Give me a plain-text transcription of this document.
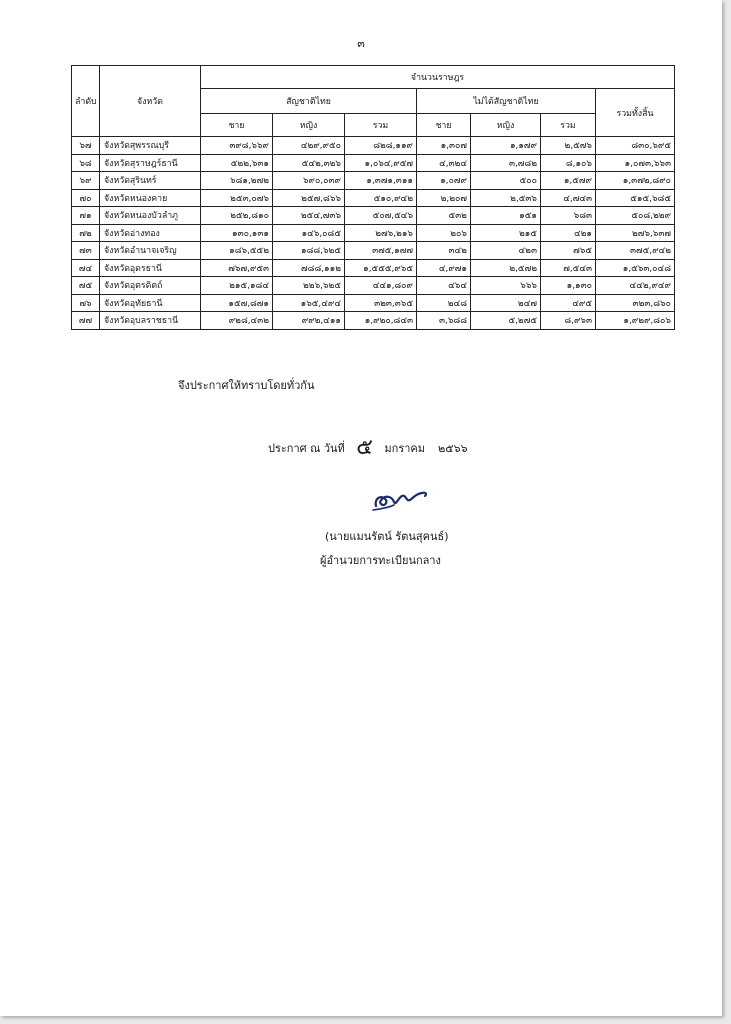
๓
ลำดับ	จังหวัด	จำนวนราษฎร						
		สัญชาติไทย			ไม่ได้สัญชาติไทย			รวมทั้งสิ้น
		ชาย	หญิง	รวม	ชาย	หญิง	รวม	
๖๗	จังหวัดสุพรรณบุรี	๓๙๘,๖๖๙	๔๒๙,๙๕๐	๘๒๘,๑๑๙	๑,๓๐๗	๑,๑๗๙	๒,๕๗๖	๘๓๐,๖๙๕
๖๘	จังหวัดสุราษฎร์ธานี	๕๒๒,๖๓๑	๕๔๒,๓๒๖	๑,๐๖๔,๙๕๗	๔,๓๒๔	๓,๗๘๒	๘,๑๐๖	๑,๐๗๓,๖๖๓
๖๙	จังหวัดสุรินทร์	๖๘๑,๒๗๒	๖๙๐,๐๓๙	๑,๓๗๑,๓๑๑	๑,๐๗๙	๕๐๐	๑,๕๗๙	๑,๓๗๒,๘๙๐
๗๐	จังหวัดหนองคาย	๒๕๓,๐๗๖	๒๕๗,๘๖๖	๕๑๐,๙๔๒	๒,๒๐๗	๒,๕๓๖	๔,๗๔๓	๕๑๕,๖๘๕
๗๑	จังหวัดหนองบัวลำภู	๒๕๒,๘๑๐	๒๕๔,๗๓๖	๕๐๗,๕๔๖	๕๓๒	๑๕๑	๖๘๓	๕๐๘,๒๒๙
๗๒	จังหวัดอ่างทอง	๑๓๐,๑๓๑	๑๔๖,๐๘๕	๒๗๖,๒๑๖	๒๐๖	๒๑๕	๔๒๑	๒๗๖,๖๓๗
๗๓	จังหวัดอำนาจเจริญ	๑๘๖,๕๕๒	๑๘๘,๖๒๕	๓๗๕,๑๗๗	๓๔๒	๔๒๓	๗๖๕	๓๗๕,๙๔๒
๗๔	จังหวัดอุดรธานี	๗๖๗,๙๕๓	๗๘๘,๑๑๒	๑,๕๕๕,๙๖๕	๔,๙๗๑	๒,๕๗๒	๗,๕๔๓	๑,๕๖๓,๐๔๘
๗๕	จังหวัดอุตรดิตถ์	๒๑๕,๑๘๔	๒๒๖,๖๒๕	๔๔๑,๘๐๙	๔๖๔	๖๖๖	๑,๑๓๐	๔๔๒,๙๔๙
๗๖	จังหวัดอุทัยธานี	๑๕๗,๘๗๑	๑๖๕,๔๙๔	๓๒๓,๓๖๕	๒๔๘	๒๔๗	๔๙๕	๓๒๓,๘๖๐
๗๗	จังหวัดอุบลราชธานี	๙๒๘,๔๓๒	๙๙๒,๔๑๑	๑,๙๒๐,๘๔๓	๓,๖๘๘	๕,๒๗๕	๘,๙๖๓	๑,๙๒๙,๘๐๖
จึงประกาศให้ทราบโดยทั่วกัน
ประกาศ ณ วันที่ ๕ มกราคม ๒๕๖๖
(นายแมนรัตน์ รัตนสุคนธ์)
ผู้อำนวยการทะเบียนกลาง
